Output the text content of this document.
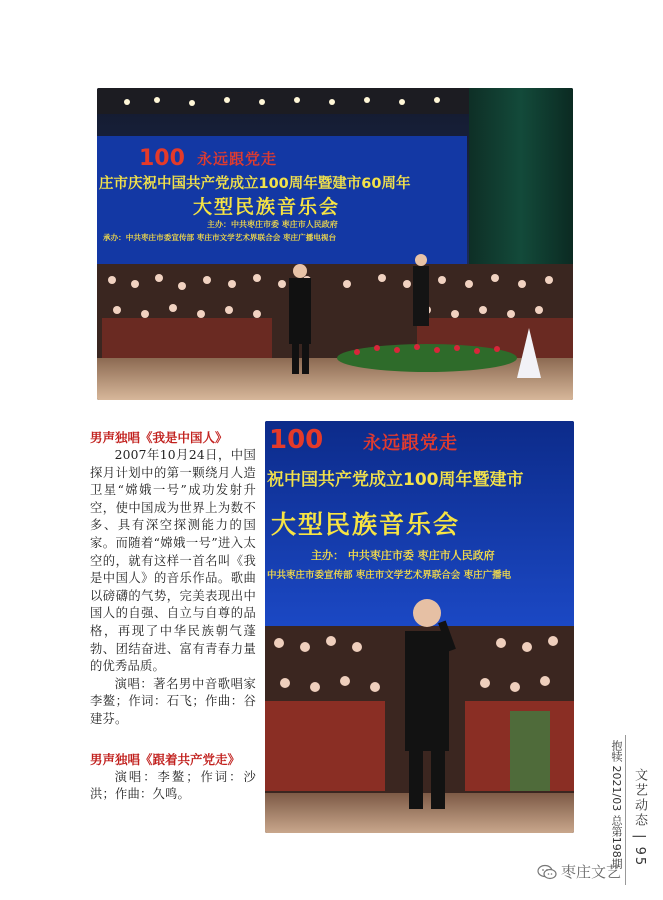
100 永远跟党走
庄市庆祝中国共产党成立100周年暨建市60周年
大型民族音乐会
主办：中共枣庄市委 枣庄市人民政府
承办：中共枣庄市委宣传部 枣庄市文学艺术界联合会 枣庄广播电视台

男声独唱《我是中国人》

2007年10月24日，中国探月计划中的第一颗绕月人造卫星“嫦娥一号”成功发射升空，使中国成为世界上为数不多、具有深空探测能力的国家。而随着“嫦娥一号”进入太空的，就有这样一首名叫《我是中国人》的音乐作品。歌曲以磅礴的气势，完美表现出中国人的自强、自立与自尊的品格，再现了中华民族朝气蓬勃、团结奋进、富有青春力量的优秀品质。

演唱：著名男中音歌唱家李鳌；作词：石飞；作曲：谷建芬。

男声独唱《跟着共产党走》

演唱：李鳌；作词：沙洪；作曲：久鸣。

100 永远跟党走
祝中国共产党成立100周年暨建市
大型民族音乐会
主办： 中共枣庄市委 枣庄市人民政府
中共枣庄市委宣传部 枣庄市文学艺术界联合会 枣庄广播电
抱犊 2021/03 总第198期 文艺动态 | 95
枣庄文艺
